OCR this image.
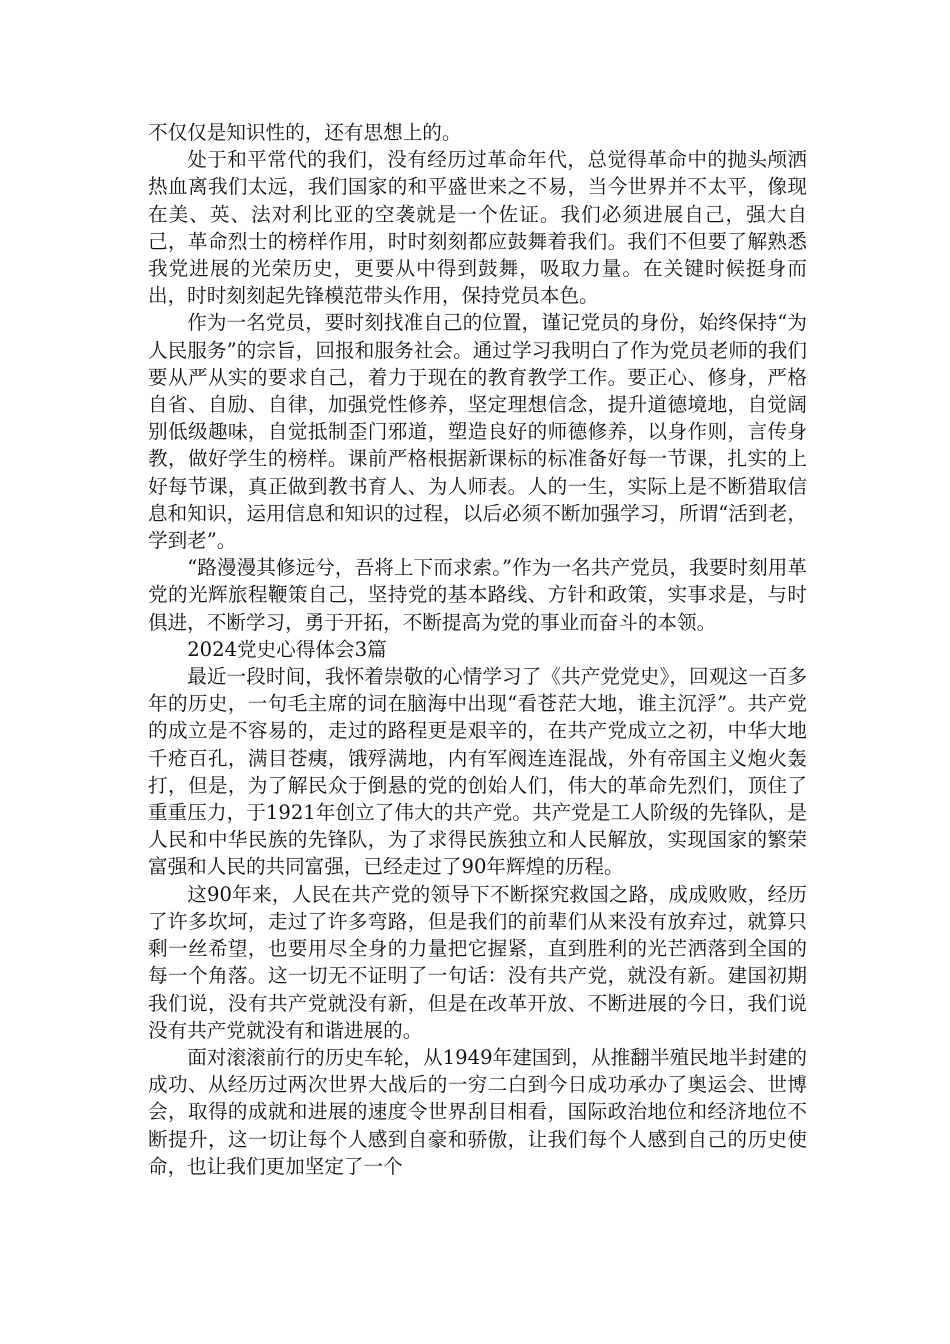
不仅仅是知识性的，还有思想上的。

处于和平常代的我们，没有经历过革命年代，总觉得革命中的抛头颅洒热血离我们太远，我们国家的和平盛世来之不易，当今世界并不太平，像现在美、英、法对利比亚的空袭就是一个佐证。我们必须进展自己，强大自己，革命烈士的榜样作用，时时刻刻都应鼓舞着我们。我们不但要了解熟悉我党进展的光荣历史，更要从中得到鼓舞，吸取力量。在关键时候挺身而出，时时刻刻起先锋模范带头作用，保持党员本色。

作为一名党员，要时刻找准自己的位置，谨记党员的身份，始终保持“为人民服务”的宗旨，回报和服务社会。通过学习我明白了作为党员老师的我们要从严从实的要求自己，着力于现在的教育教学工作。要正心、修身，严格自省、自励、自律，加强党性修养，坚定理想信念，提升道德境地，自觉阔别低级趣味，自觉抵制歪门邪道，塑造良好的师德修养，以身作则，言传身教，做好学生的榜样。课前严格根据新课标的标准备好每一节课，扎实的上好每节课，真正做到教书育人、为人师表。人的一生，实际上是不断猎取信息和知识，运用信息和知识的过程，以后必须不断加强学习，所谓“活到老，学到老”。

“路漫漫其修远兮，吾将上下而求索。”作为一名共产党员，我要时刻用革党的光辉旅程鞭策自己，坚持党的基本路线、方针和政策，实事求是，与时俱进，不断学习，勇于开拓，不断提高为党的事业而奋斗的本领。

2024党史心得体会3篇

最近一段时间，我怀着崇敬的心情学习了《共产党党史》，回观这一百多年的历史，一句毛主席的词在脑海中出现“看苍茫大地，谁主沉浮”。共产党的成立是不容易的，走过的路程更是艰辛的，在共产党成立之初，中华大地千疮百孔，满目苍痍，饿殍满地，内有军阀连连混战，外有帝国主义炮火轰打，但是，为了解民众于倒悬的党的创始人们，伟大的革命先烈们，顶住了重重压力，于1921年创立了伟大的共产党。共产党是工人阶级的先锋队，是人民和中华民族的先锋队，为了求得民族独立和人民解放，实现国家的繁荣富强和人民的共同富强，已经走过了90年辉煌的历程。

这90年来，人民在共产党的领导下不断探究救国之路，成成败败，经历了许多坎坷，走过了许多弯路，但是我们的前辈们从来没有放弃过，就算只剩一丝希望，也要用尽全身的力量把它握紧，直到胜利的光芒洒落到全国的每一个角落。这一切无不证明了一句话：没有共产党，就没有新。建国初期我们说，没有共产党就没有新，但是在改革开放、不断进展的今日，我们说没有共产党就没有和谐进展的。

面对滚滚前行的历史车轮，从1949年建国到，从推翻半殖民地半封建的成功、从经历过两次世界大战后的一穷二白到今日成功承办了奥运会、世博会，取得的成就和进展的速度令世界刮目相看，国际政治地位和经济地位不断提升，这一切让每个人感到自豪和骄傲，让我们每个人感到自己的历史使命，也让我们更加坚定了一个
